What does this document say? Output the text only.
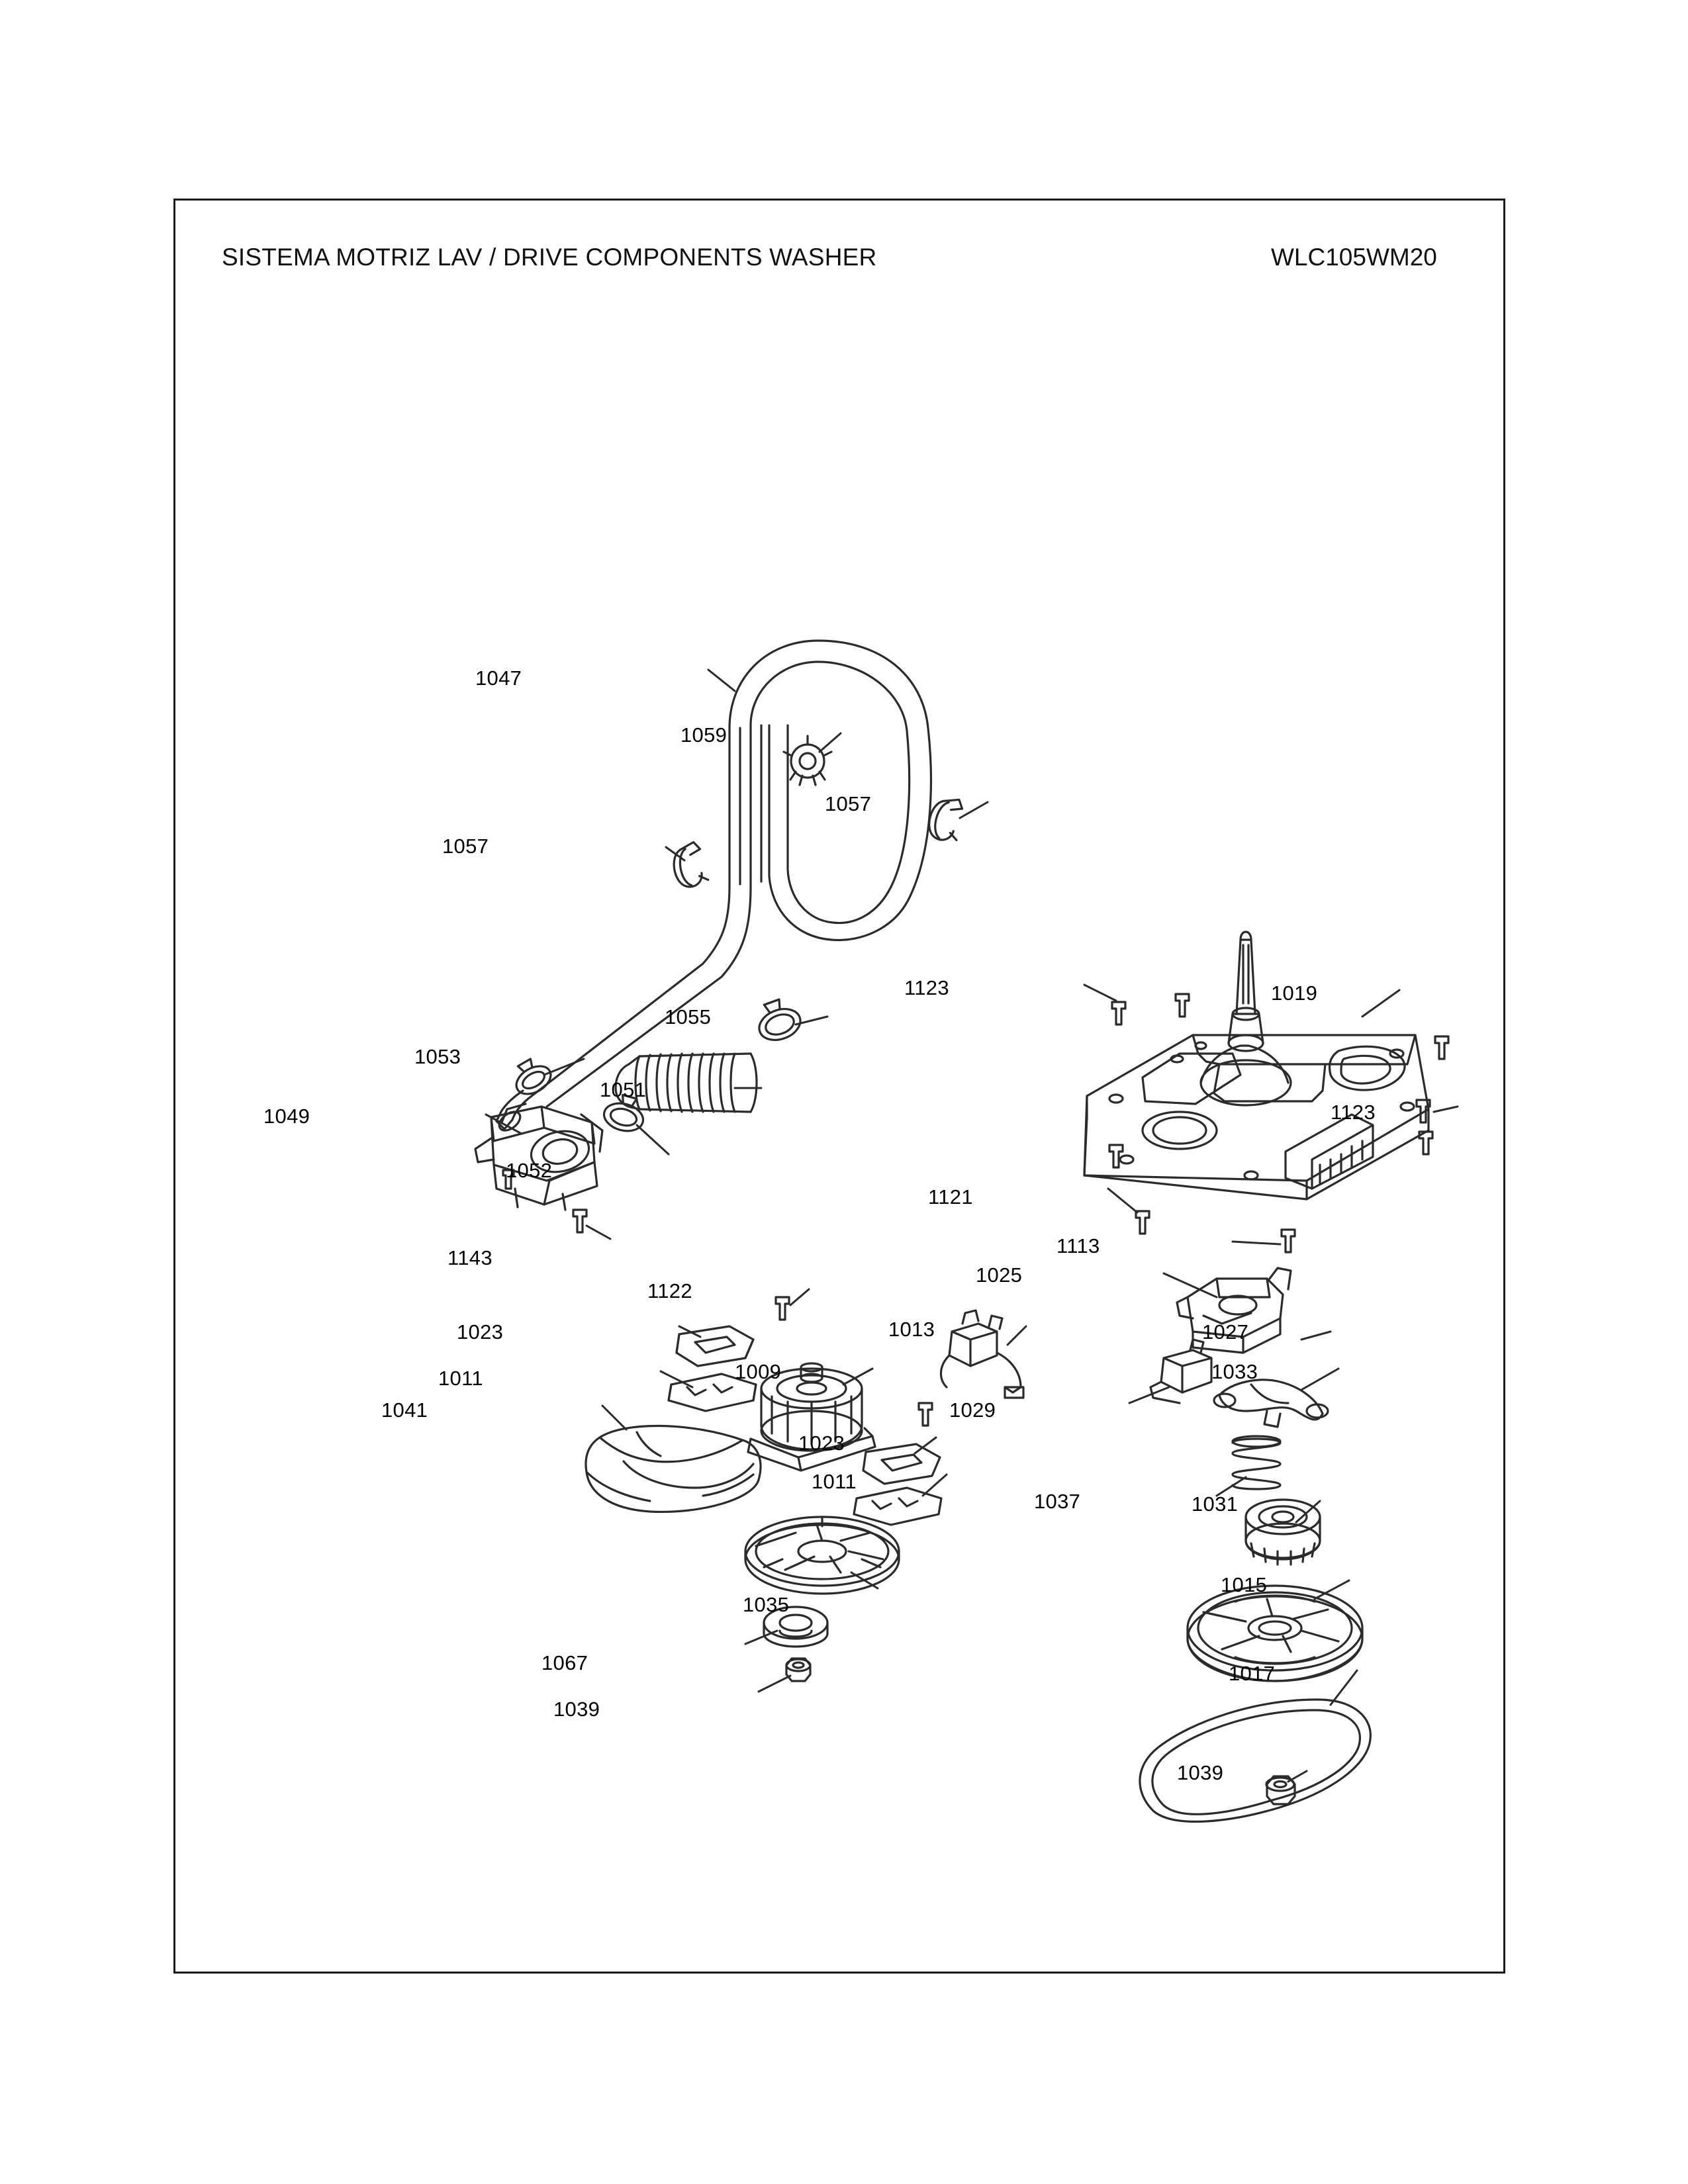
SISTEMA MOTRIZ LAV / DRIVE COMPONENTS WASHER	WLC105WM20
1047
1059
1057
1057
1055
1053
1051
1049
1052
1143
1122
1023	1013
1011	1009
1041
1023
1011
1035
1067
1039
1123	1019
1123
1121
1113
1025
1027
1029
1033
1037	1031
1015
1017
1039
